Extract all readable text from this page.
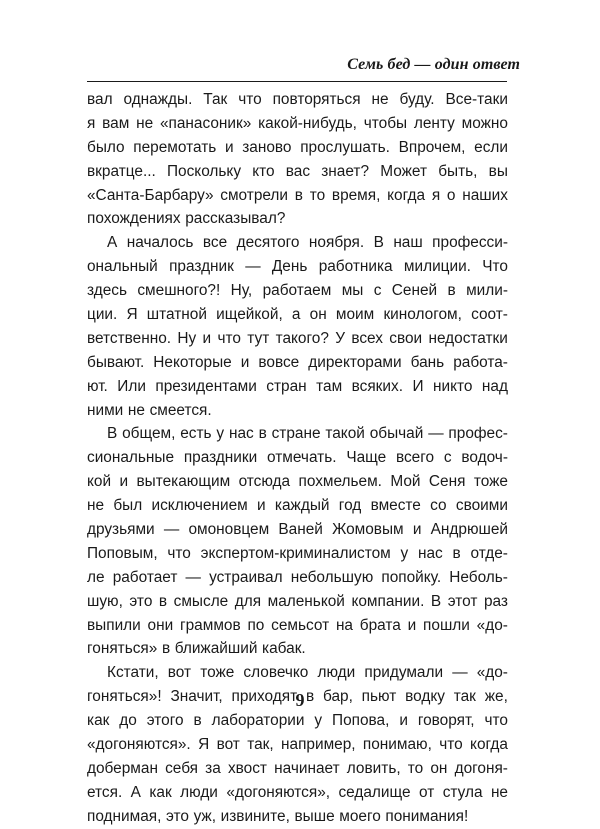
Семь бед — один ответ
вал однажды. Так что повторяться не буду. Все-таки
я вам не «панасоник» какой-нибудь, чтобы ленту можно
было перемотать и заново прослушать. Впрочем, если
вкратце... Поскольку кто вас знает? Может быть, вы
«Санта-Барбару» смотрели в то время, когда я о наших
похождениях рассказывал?
А началось все десятого ноября. В наш професси-
ональный праздник — День работника милиции. Что
здесь смешного?! Ну, работаем мы с Сеней в мили-
ции. Я штатной ищейкой, а он моим кинологом, соот-
ветственно. Ну и что тут такого? У всех свои недостатки
бывают. Некоторые и вовсе директорами бань работа-
ют. Или президентами стран там всяких. И никто над
ними не смеется.
В общем, есть у нас в стране такой обычай — профес-
сиональные праздники отмечать. Чаще всего с водоч-
кой и вытекающим отсюда похмельем. Мой Сеня тоже
не был исключением и каждый год вместе со своими
друзьями — омоновцем Ваней Жомовым и Андрюшей
Поповым, что экспертом-криминалистом у нас в отде-
ле работает — устраивал небольшую попойку. Неболь-
шую, это в смысле для маленькой компании. В этот раз
выпили они граммов по семьсот на брата и пошли «до-
гоняться» в ближайший кабак.
Кстати, вот тоже словечко люди придумали — «до-
гоняться»! Значит, приходят в бар, пьют водку так же,
как до этого в лаборатории у Попова, и говорят, что
«догоняются». Я вот так, например, понимаю, что когда
доберман себя за хвост начинает ловить, то он догоня-
ется. А как люди «догоняются», седалище от стула не
поднимая, это уж, извините, выше моего понимания!
9
